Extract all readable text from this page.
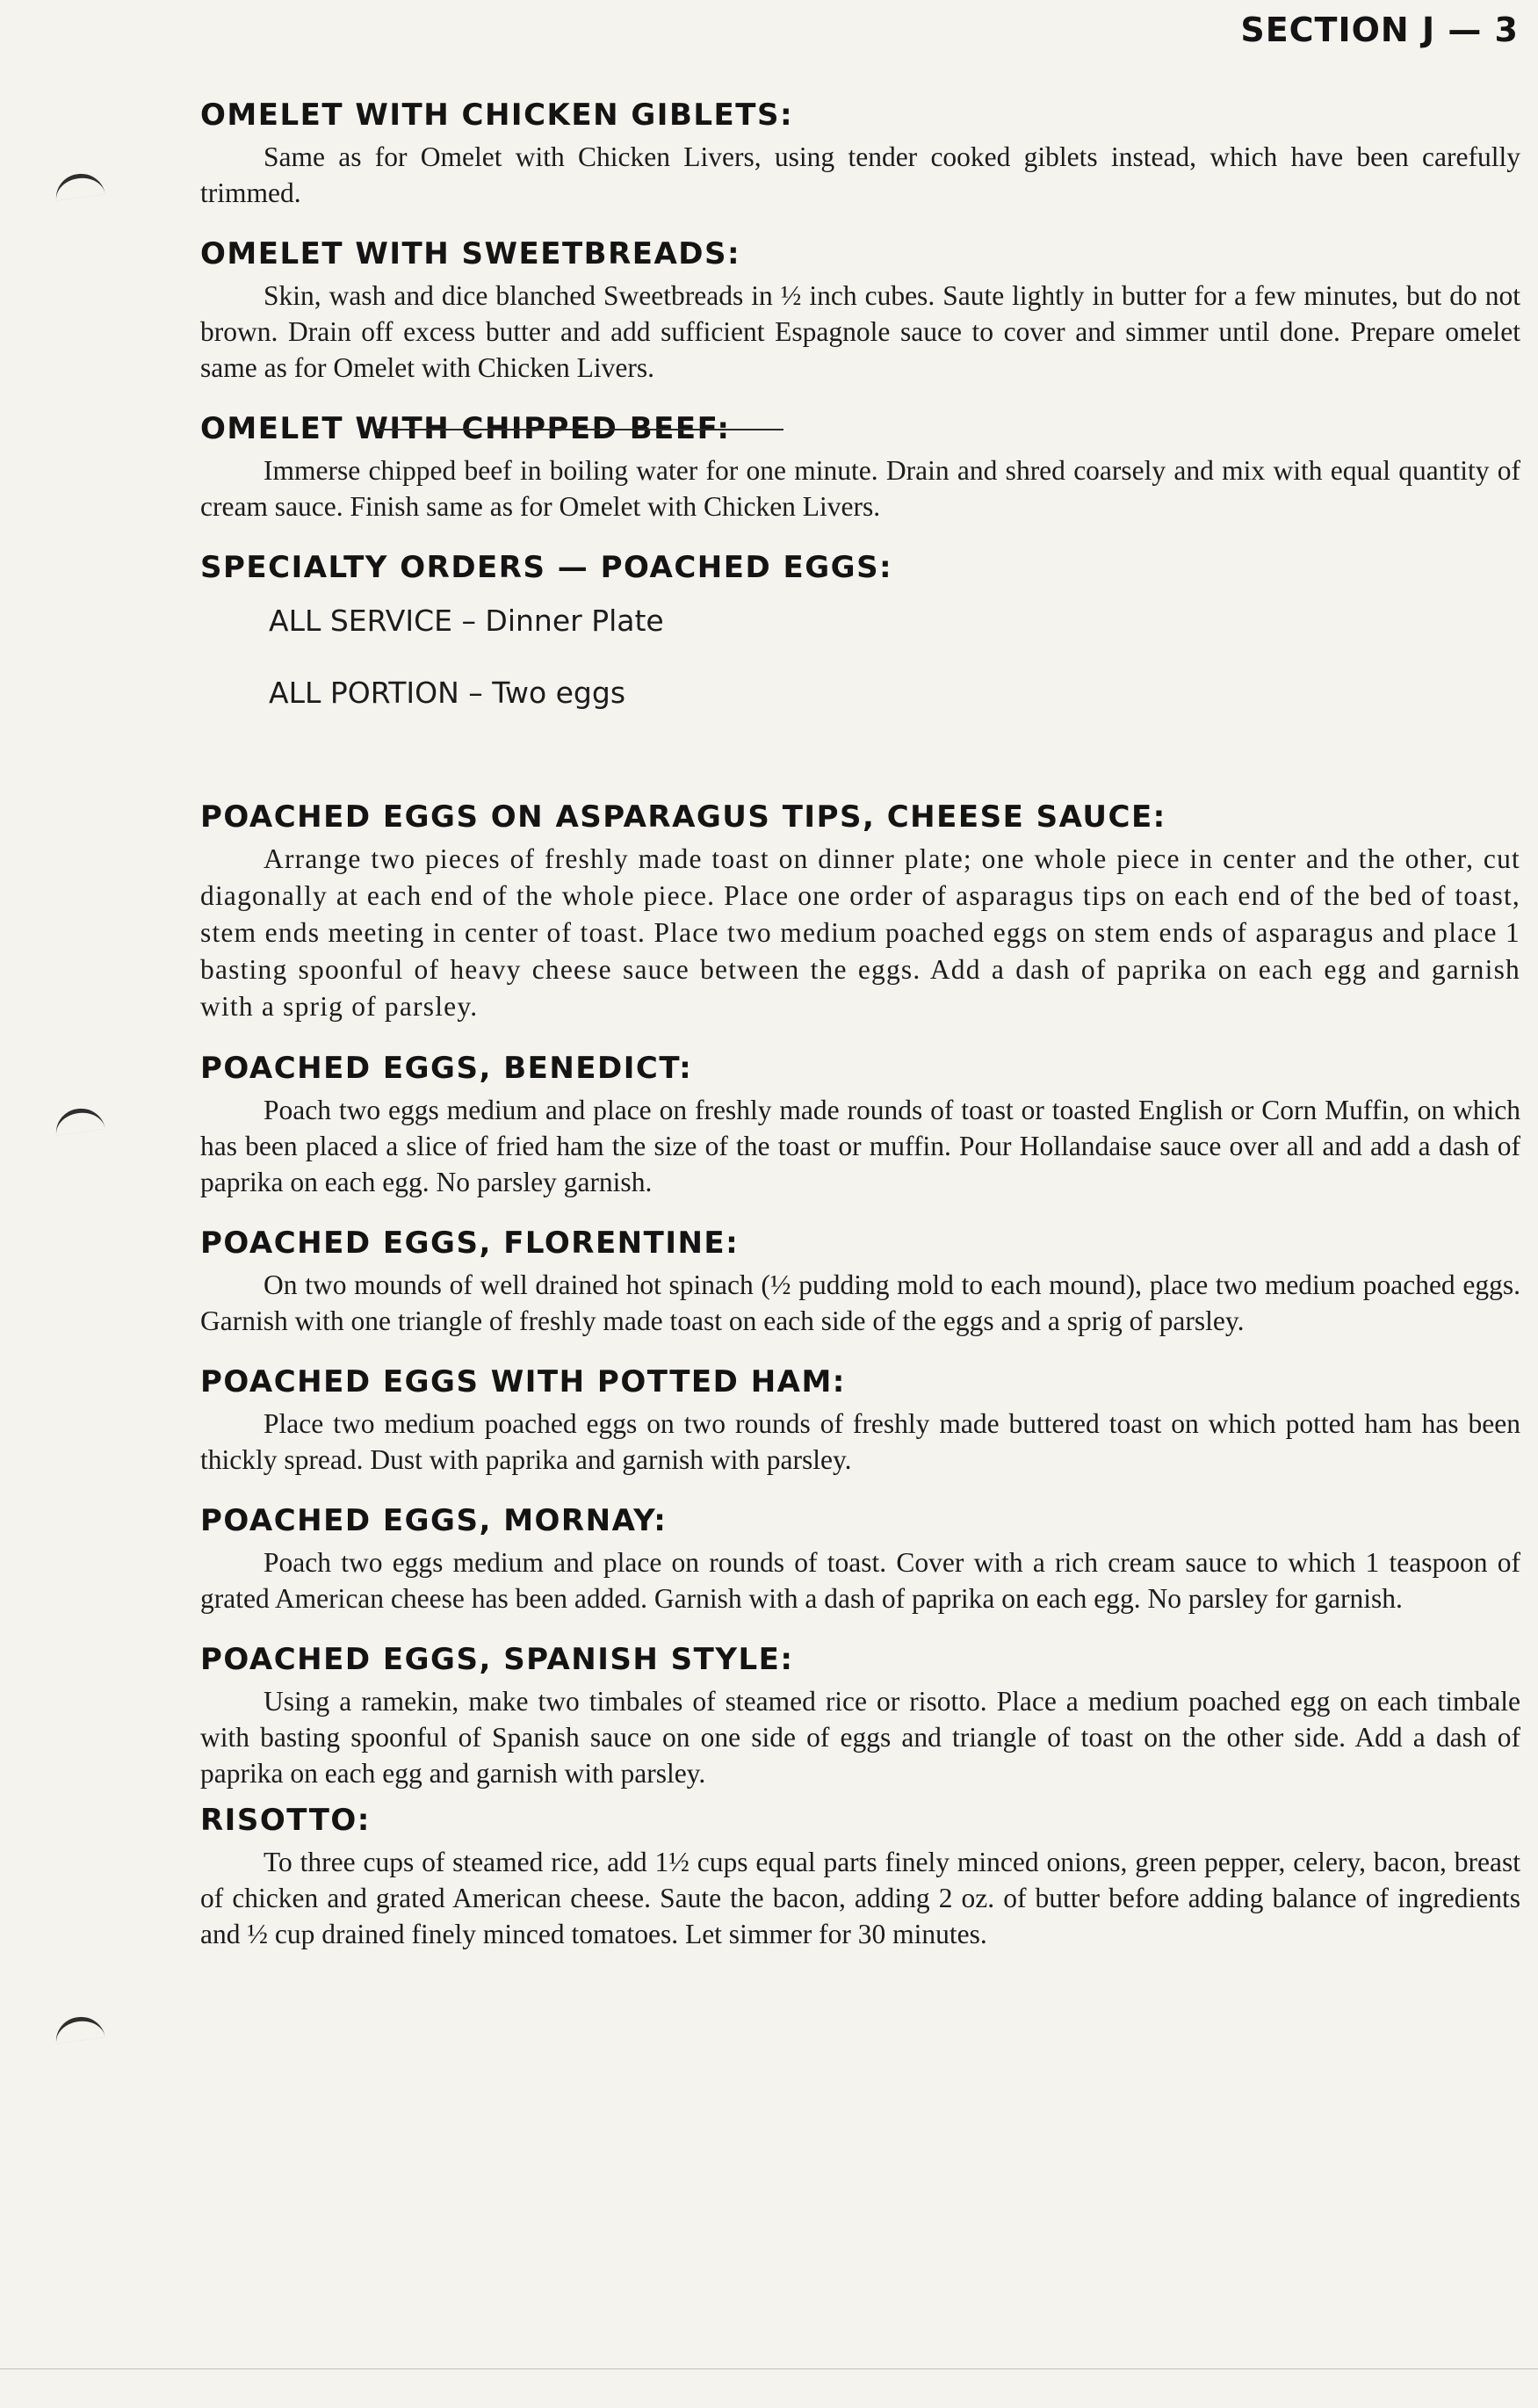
SECTION J — 3
OMELET WITH CHICKEN GIBLETS:

Same as for Omelet with Chicken Livers, using tender cooked giblets instead, which have been carefully trimmed.

OMELET WITH SWEETBREADS:

Skin, wash and dice blanched Sweetbreads in ½ inch cubes. Saute lightly in butter for a few minutes, but do not brown. Drain off excess butter and add sufficient Espagnole sauce to cover and simmer until done. Prepare omelet same as for Omelet with Chicken Livers.

OMELET WITH CHIPPED BEEF:

Immerse chipped beef in boiling water for one minute. Drain and shred coarsely and mix with equal quantity of cream sauce. Finish same as for Omelet with Chicken Livers.

SPECIALTY ORDERS — POACHED EGGS:
ALL SERVICE – Dinner Plate
ALL PORTION – Two eggs
POACHED EGGS ON ASPARAGUS TIPS, CHEESE SAUCE:

Arrange two pieces of freshly made toast on dinner plate; one whole piece in center and the other, cut diagonally at each end of the whole piece. Place one order of asparagus tips on each end of the bed of toast, stem ends meeting in center of toast. Place two medium poached eggs on stem ends of asparagus and place 1 basting spoonful of heavy cheese sauce between the eggs. Add a dash of paprika on each egg and garnish with a sprig of parsley.

POACHED EGGS, BENEDICT:

Poach two eggs medium and place on freshly made rounds of toast or toasted English or Corn Muffin, on which has been placed a slice of fried ham the size of the toast or muffin. Pour Hollandaise sauce over all and add a dash of paprika on each egg. No parsley garnish.

POACHED EGGS, FLORENTINE:

On two mounds of well drained hot spinach (½ pudding mold to each mound), place two medium poached eggs. Garnish with one triangle of freshly made toast on each side of the eggs and a sprig of parsley.

POACHED EGGS WITH POTTED HAM:

Place two medium poached eggs on two rounds of freshly made buttered toast on which potted ham has been thickly spread. Dust with paprika and garnish with parsley.

POACHED EGGS, MORNAY:

Poach two eggs medium and place on rounds of toast. Cover with a rich cream sauce to which 1 teaspoon of grated American cheese has been added. Garnish with a dash of paprika on each egg. No parsley for garnish.

POACHED EGGS, SPANISH STYLE:

Using a ramekin, make two timbales of steamed rice or risotto. Place a medium poached egg on each timbale with basting spoonful of Spanish sauce on one side of eggs and triangle of toast on the other side. Add a dash of paprika on each egg and garnish with parsley.

RISOTTO:

To three cups of steamed rice, add 1½ cups equal parts finely minced onions, green pepper, celery, bacon, breast of chicken and grated American cheese. Saute the bacon, adding 2 oz. of butter before adding balance of ingredients and ½ cup drained finely minced tomatoes. Let simmer for 30 minutes.
